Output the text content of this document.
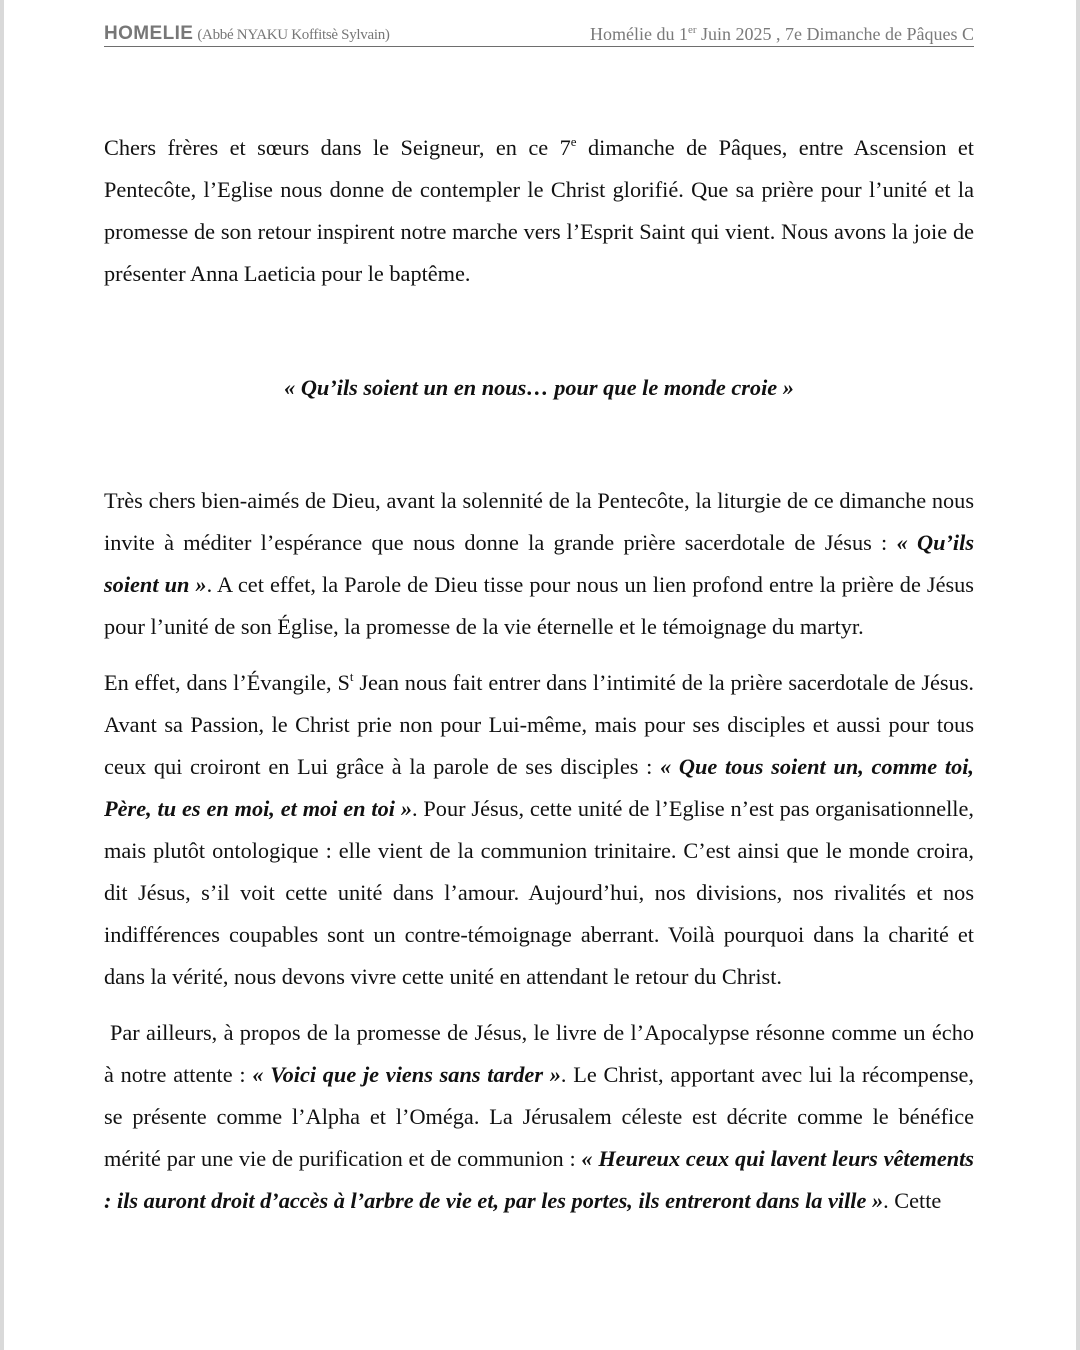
HOMELIE (Abbé NYAKU Koffitsè Sylvain)	Homélie du 1er Juin 2025 , 7e Dimanche de Pâques C

Chers frères et sœurs dans le Seigneur, en ce 7e dimanche de Pâques, entre Ascension et Pentecôte, l’Eglise nous donne de contempler le Christ glorifié. Que sa prière pour l’unité et la promesse de son retour inspirent notre marche vers l’Esprit Saint qui vient. Nous avons la joie de présenter Anna Laeticia pour le baptême.

« Qu’ils soient un en nous… pour que le monde croie »

Très chers bien-aimés de Dieu, avant la solennité de la Pentecôte, la liturgie de ce dimanche nous invite à méditer l’espérance que nous donne la grande prière sacerdotale de Jésus : « Qu’ils soient un ». A cet effet, la Parole de Dieu tisse pour nous un lien profond entre la prière de Jésus pour l’unité de son Église, la promesse de la vie éternelle et le témoignage du martyr.

En effet, dans l’Évangile, $S^t$ Jean nous fait entrer dans l’intimité de la prière sacerdotale de Jésus. Avant sa Passion, le Christ prie non pour Lui-même, mais pour ses disciples et aussi pour tous ceux qui croiront en Lui grâce à la parole de ses disciples : « Que tous soient un, comme toi, Père, tu es en moi, et moi en toi ». Pour Jésus, cette unité de l’Eglise n’est pas organisationnelle, mais plutôt ontologique : elle vient de la communion trinitaire. C’est ainsi que le monde croira, dit Jésus, s’il voit cette unité dans l’amour. Aujourd’hui, nos divisions, nos rivalités et nos indifférences coupables sont un contre-témoignage aberrant. Voilà pourquoi dans la charité et dans la vérité, nous devons vivre cette unité en attendant le retour du Christ.

Par ailleurs, à propos de la promesse de Jésus, le livre de l’Apocalypse résonne comme un écho à notre attente : « Voici que je viens sans tarder ». Le Christ, apportant avec lui la récompense, se présente comme l’Alpha et l’Oméga. La Jérusalem céleste est décrite comme le bénéfice mérité par une vie de purification et de communion : « Heureux ceux qui lavent leurs vêtements : ils auront droit d’accès à l’arbre de vie et, par les portes, ils entreront dans la ville ». Cette
